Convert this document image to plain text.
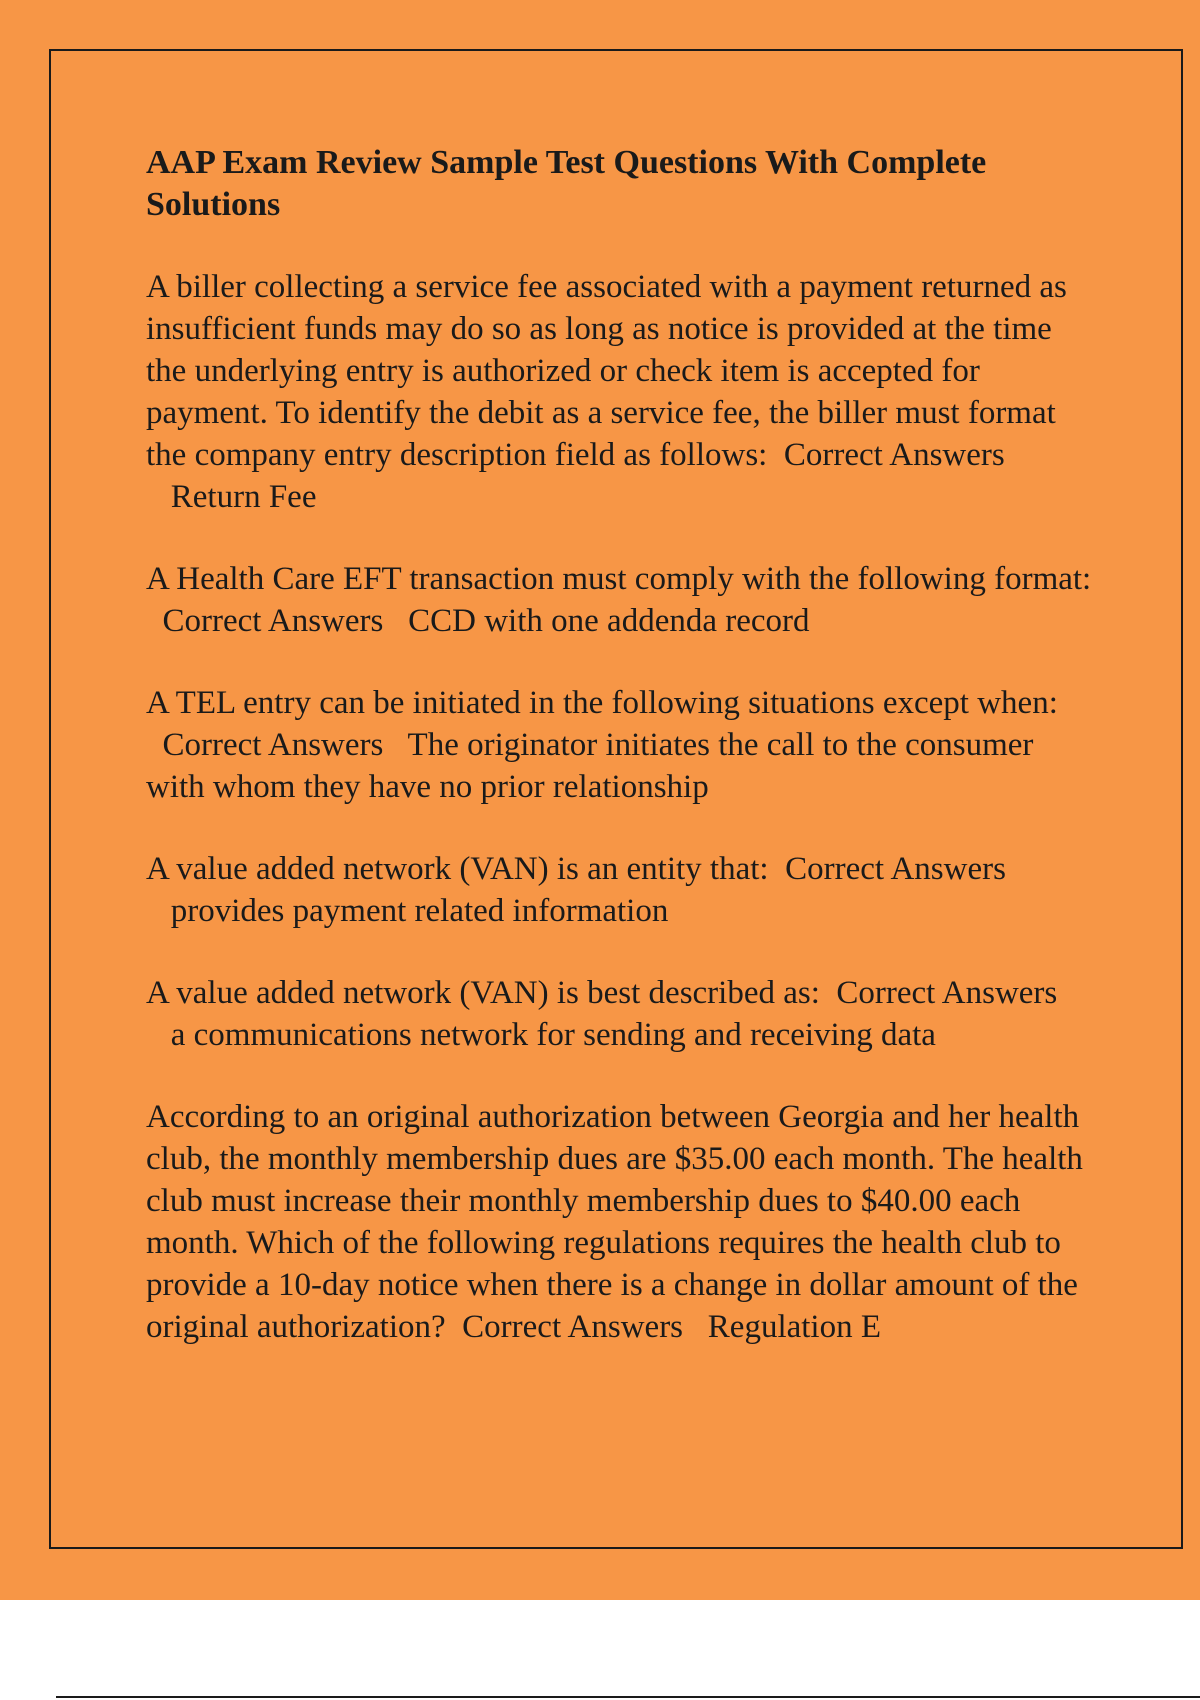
AAP Exam Review Sample Test Questions With Complete Solutions

A biller collecting a service fee associated with a payment returned as insufficient funds may do so as long as notice is provided at the time the underlying entry is authorized or check item is accepted for payment. To identify the debit as a service fee, the biller must format the company entry description field as follows: Correct Answers   Return Fee

A Health Care EFT transaction must comply with the following format:  Correct Answers CCD with one addenda record

A TEL entry can be initiated in the following situations except when:  Correct Answers The originator initiates the call to the consumer with whom they have no prior relationship

A value added network (VAN) is an entity that: Correct Answers   provides payment related information

A value added network (VAN) is best described as: Correct Answers   a communications network for sending and receiving data

According to an original authorization between Georgia and her health club, the monthly membership dues are $35.00 each month. The health club must increase their monthly membership dues to $40.00 each month. Which of the following regulations requires the health club to provide a 10-day notice when there is a change in dollar amount of the original authorization? Correct Answers Regulation E
